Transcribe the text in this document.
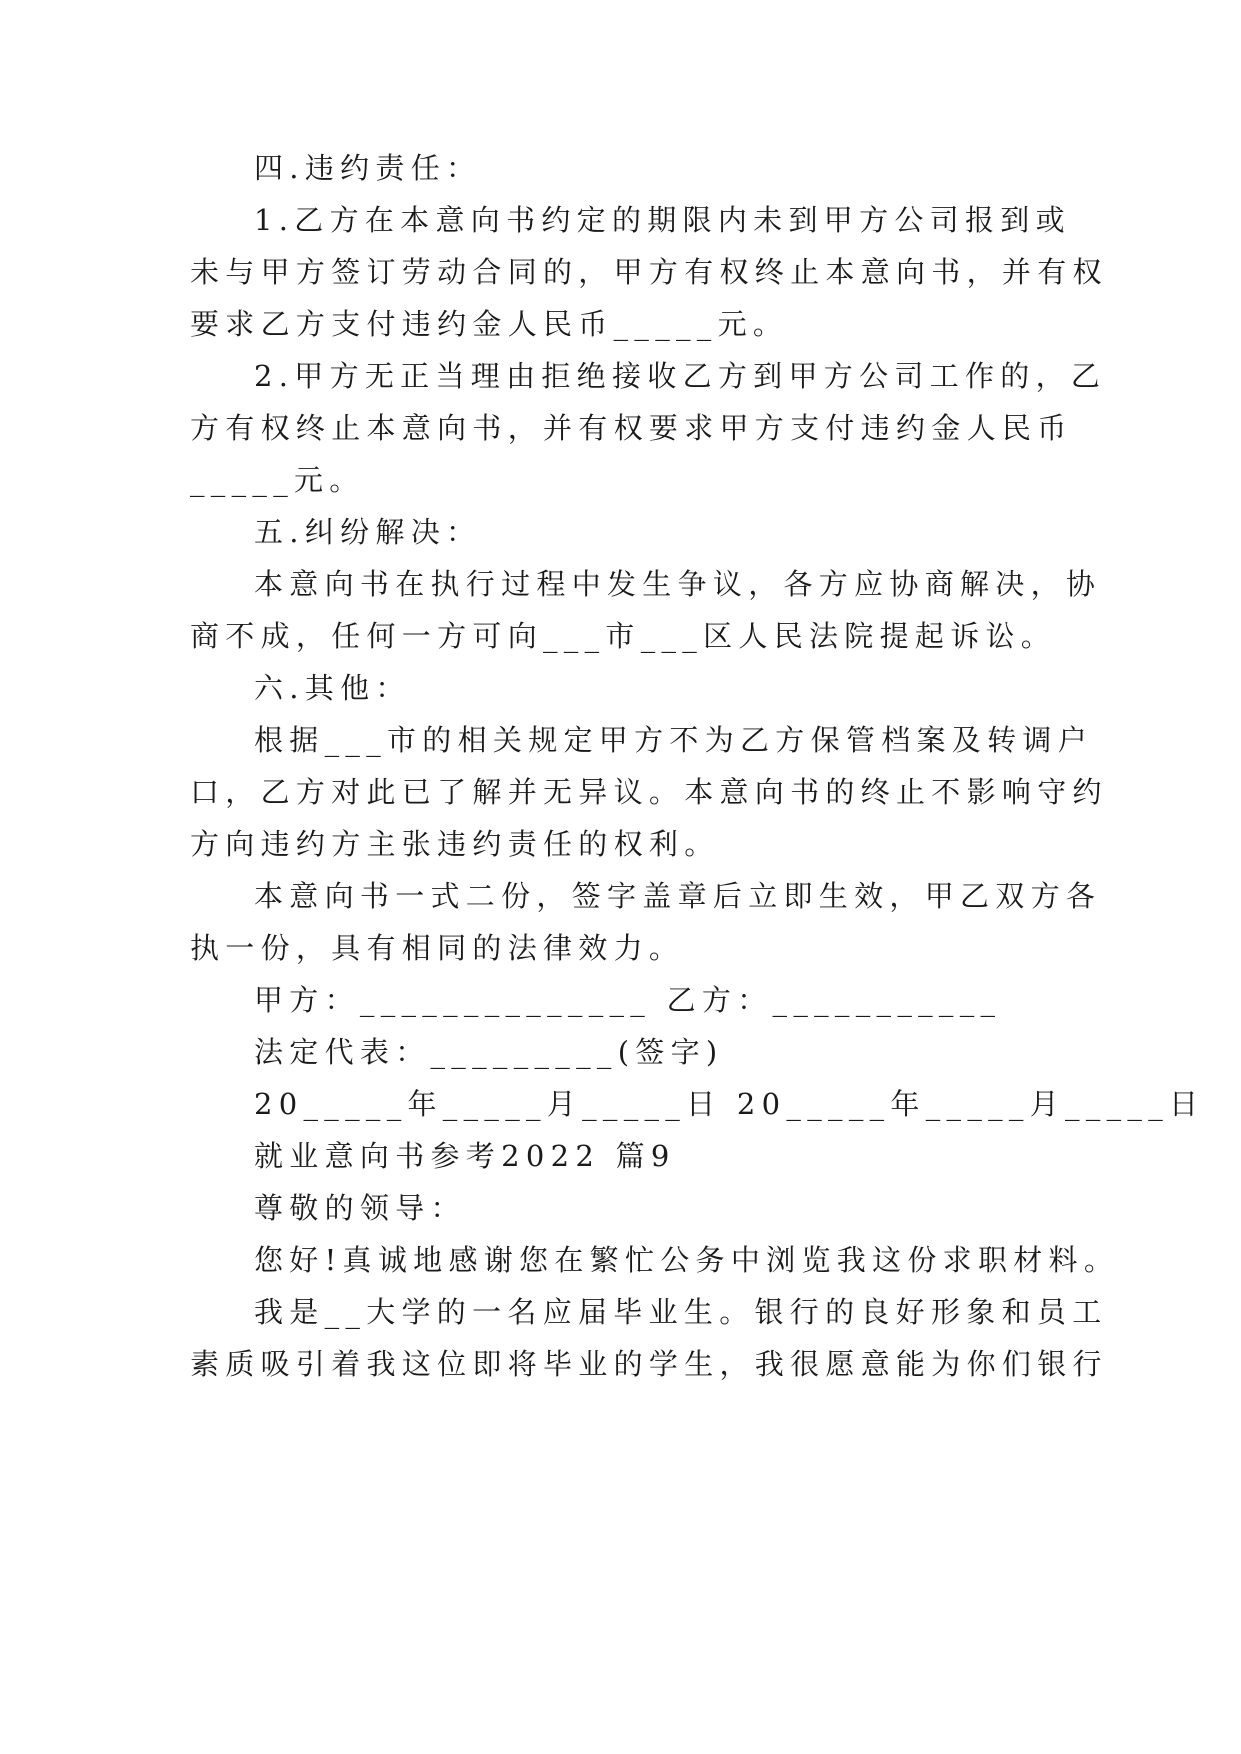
四.违约责任：
1.乙方在本意向书约定的期限内未到甲方公司报到或
未与甲方签订劳动合同的，甲方有权终止本意向书，并有权
要求乙方支付违约金人民币_____元。
2.甲方无正当理由拒绝接收乙方到甲方公司工作的，乙
方有权终止本意向书，并有权要求甲方支付违约金人民币
_____元。
五.纠纷解决：
本意向书在执行过程中发生争议，各方应协商解决，协
商不成，任何一方可向___市___区人民法院提起诉讼。
六.其他：
根据___市的相关规定甲方不为乙方保管档案及转调户
口，乙方对此已了解并无异议。本意向书的终止不影响守约
方向违约方主张违约责任的权利。
本意向书一式二份，签字盖章后立即生效，甲乙双方各
执一份，具有相同的法律效力。
甲方：______________ 乙方：___________
法定代表：_________(签字)
20_____年_____月_____日 20_____年_____月_____日
就业意向书参考2022 篇9
尊敬的领导：
您好!真诚地感谢您在繁忙公务中浏览我这份求职材料。
我是__大学的一名应届毕业生。银行的良好形象和员工
素质吸引着我这位即将毕业的学生，我很愿意能为你们银行
